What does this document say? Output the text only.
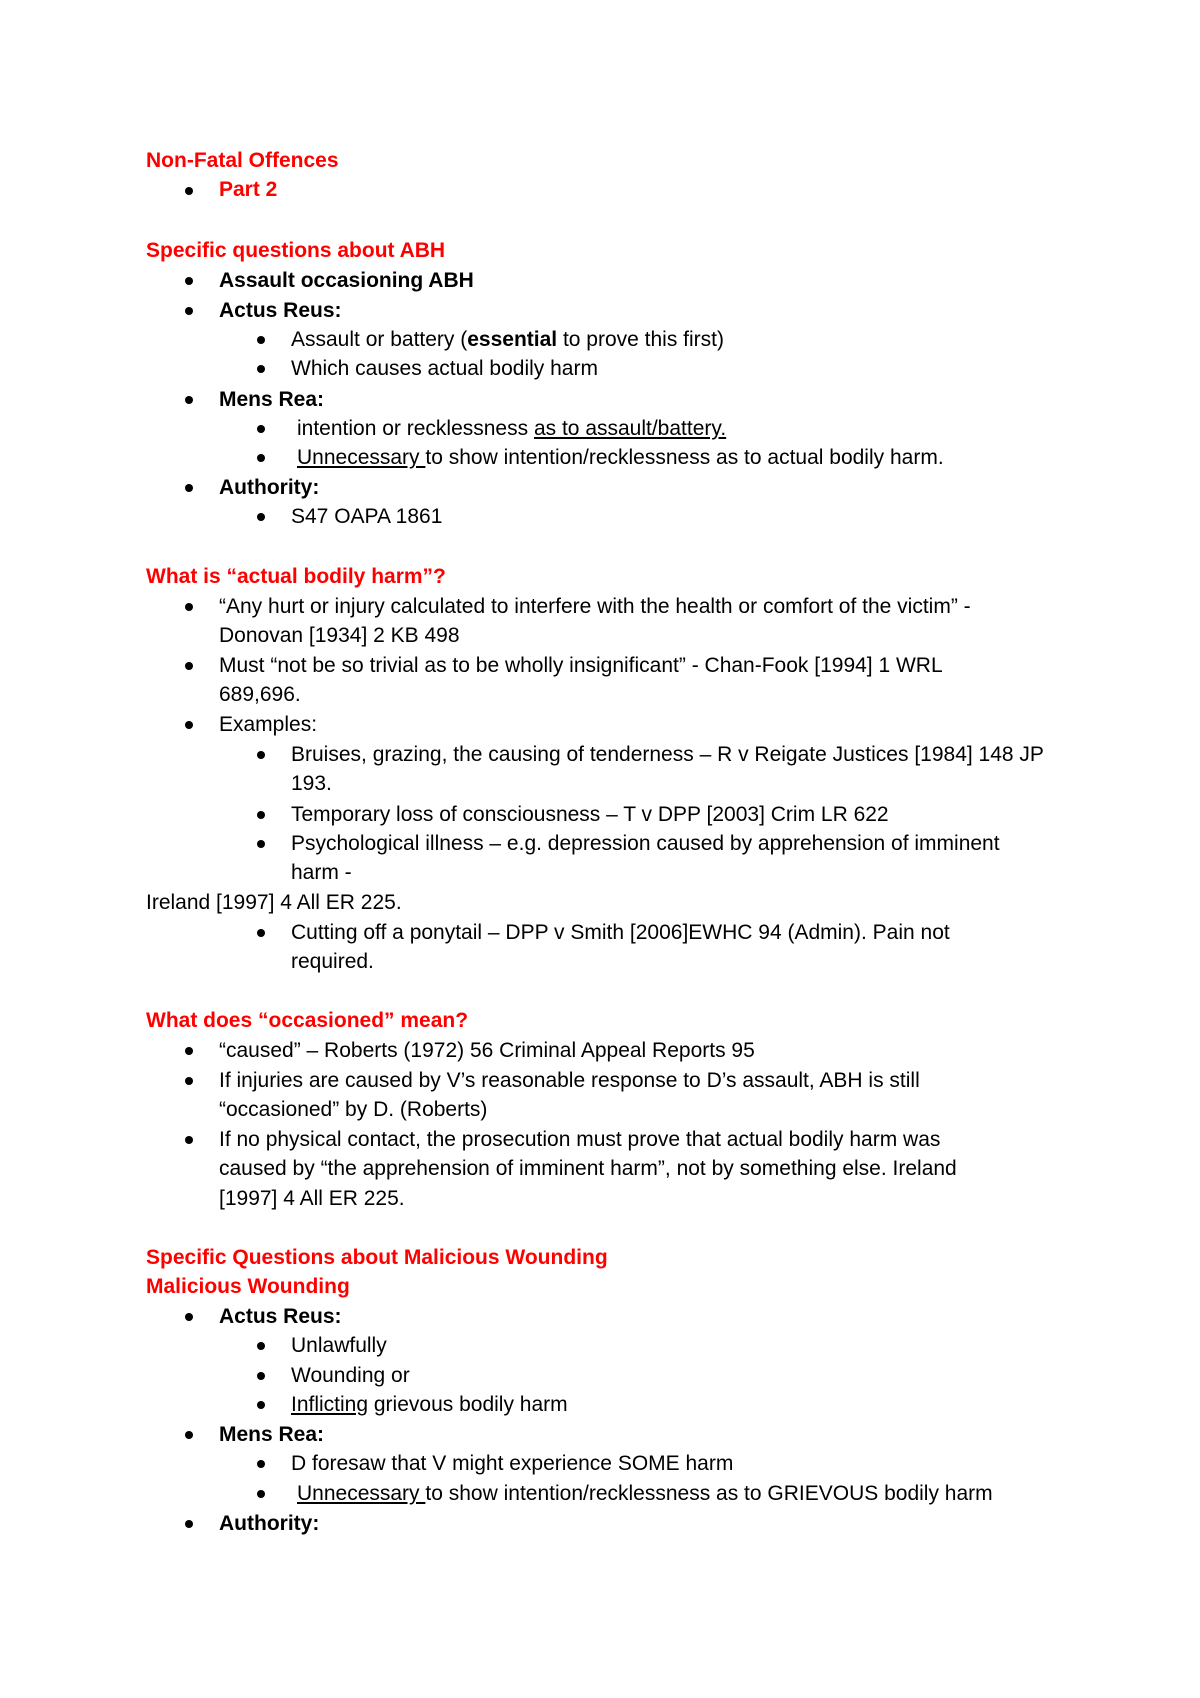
Non-Fatal Offences
Part 2
Specific questions about ABH
Assault occasioning ABH
Actus Reus:
Assault or battery (essential to prove this first)
Which causes actual bodily harm
Mens Rea:
intention or recklessness as to assault/battery.
Unnecessary to show intention/recklessness as to actual bodily harm.
Authority:
S47 OAPA 1861
What is “actual bodily harm”?
“Any hurt or injury calculated to interfere with the health or comfort of the victim” -
Donovan [1934] 2 KB 498
Must “not be so trivial as to be wholly insignificant” - Chan-Fook [1994] 1 WRL
689,696.
Examples:
Bruises, grazing, the causing of tenderness – R v Reigate Justices [1984] 148 JP
193.
Temporary loss of consciousness – T v DPP [2003] Crim LR 622
Psychological illness – e.g. depression caused by apprehension of imminent
harm -
Ireland [1997] 4 All ER 225.
Cutting off a ponytail – DPP v Smith [2006]EWHC 94 (Admin). Pain not
required.
What does “occasioned” mean?
“caused” – Roberts (1972) 56 Criminal Appeal Reports 95
If injuries are caused by V’s reasonable response to D’s assault, ABH is still
“occasioned” by D. (Roberts)
If no physical contact, the prosecution must prove that actual bodily harm was
caused by “the apprehension of imminent harm”, not by something else. Ireland
[1997] 4 All ER 225.
Specific Questions about Malicious Wounding
Malicious Wounding
Actus Reus:
Unlawfully
Wounding or
Inflicting grievous bodily harm
Mens Rea:
D foresaw that V might experience SOME harm
Unnecessary to show intention/recklessness as to GRIEVOUS bodily harm
Authority:
